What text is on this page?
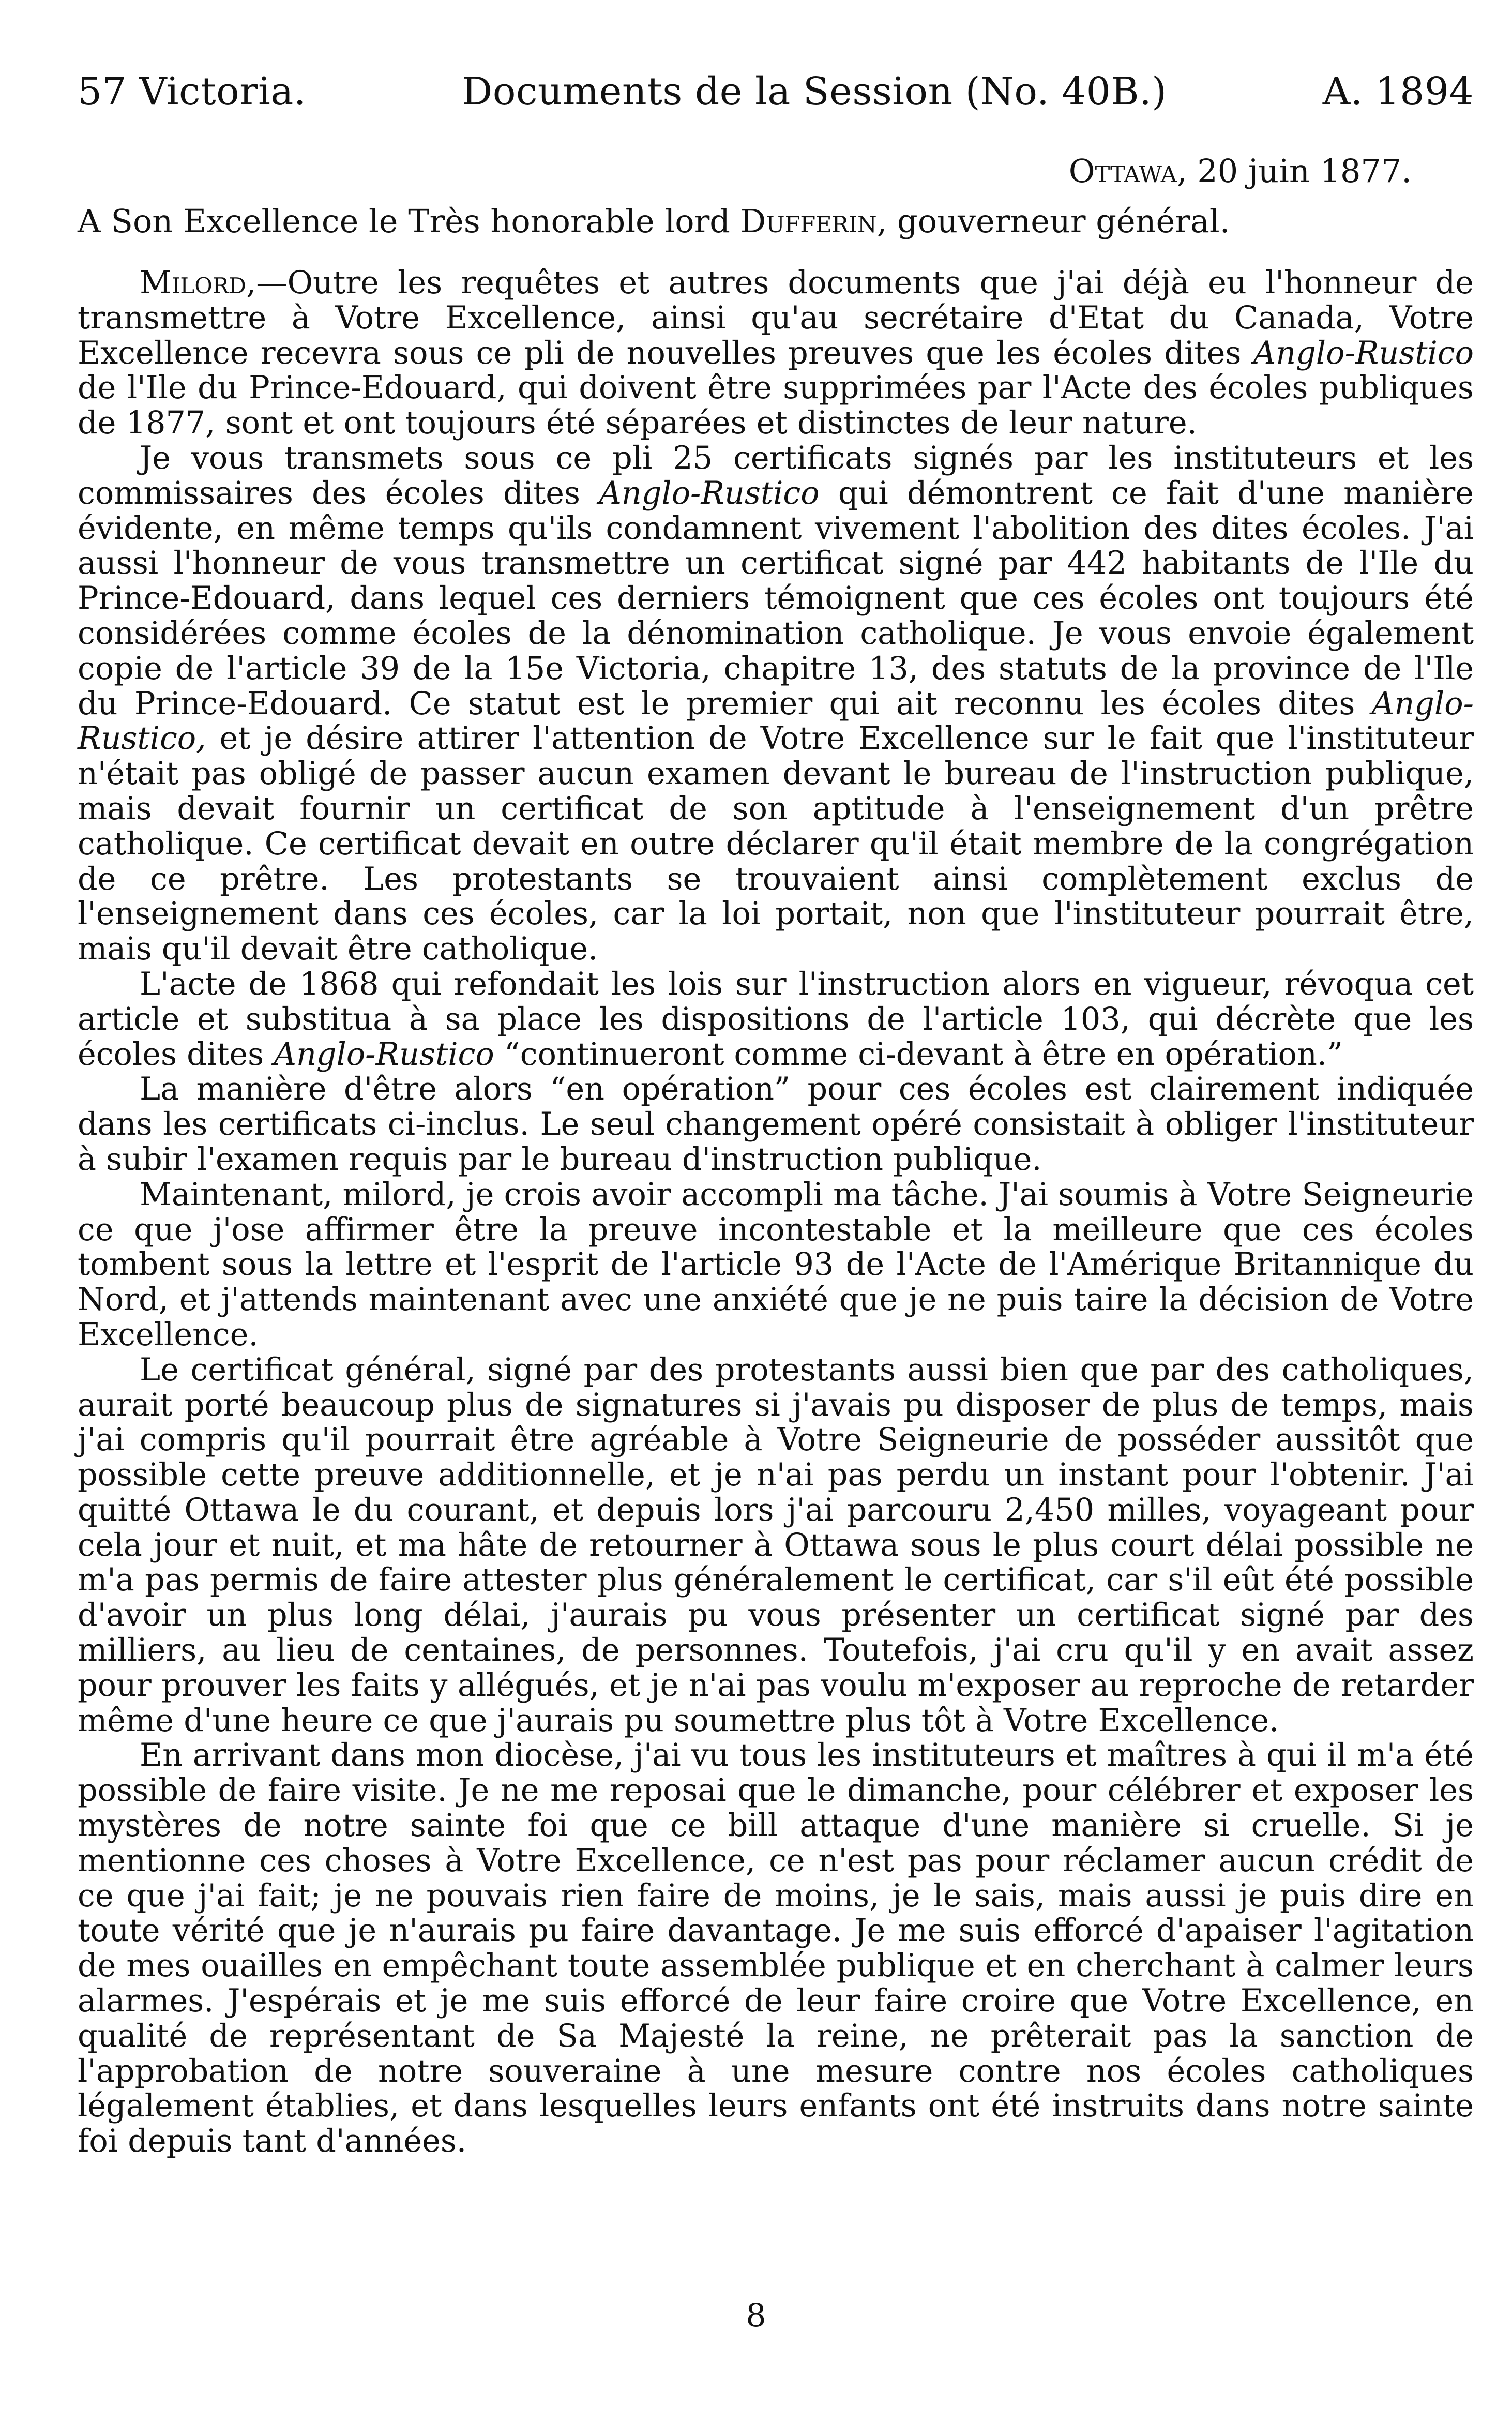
57 Victoria.	Documents de la Session (No. 40B.)	A. 1894
Ottawa, 20 juin 1877.
A Son Excellence le Très honorable lord Dufferin, gouverneur général.

Milord,—Outre les requêtes et autres documents que j'ai déjà eu l'honneur de transmettre à Votre Excellence, ainsi qu'au secrétaire d'Etat du Canada, Votre Excellence recevra sous ce pli de nouvelles preuves que les écoles dites Anglo-Rustico de l'Ile du Prince-Edouard, qui doivent être supprimées par l'Acte des écoles publiques de 1877, sont et ont toujours été séparées et distinctes de leur nature.

Je vous transmets sous ce pli 25 certificats signés par les instituteurs et les commissaires des écoles dites Anglo-Rustico qui démontrent ce fait d'une manière évidente, en même temps qu'ils condamnent vivement l'abolition des dites écoles. J'ai aussi l'honneur de vous transmettre un certificat signé par 442 habitants de l'Ile du Prince-Edouard, dans lequel ces derniers témoignent que ces écoles ont toujours été considérées comme écoles de la dénomination catholique. Je vous envoie également copie de l'article 39 de la 15e Victoria, chapitre 13, des statuts de la province de l'Ile du Prince-Edouard. Ce statut est le premier qui ait reconnu les écoles dites Anglo-Rustico, et je désire attirer l'attention de Votre Excellence sur le fait que l'instituteur n'était pas obligé de passer aucun examen devant le bureau de l'instruction publique, mais devait fournir un certificat de son aptitude à l'enseignement d'un prêtre catholique. Ce certificat devait en outre déclarer qu'il était membre de la congrégation de ce prêtre. Les protestants se trouvaient ainsi complètement exclus de l'enseignement dans ces écoles, car la loi portait, non que l'instituteur pourrait être, mais qu'il devait être catholique.

L'acte de 1868 qui refondait les lois sur l'instruction alors en vigueur, révoqua cet article et substitua à sa place les dispositions de l'article 103, qui décrète que les écoles dites Anglo-Rustico “continueront comme ci-devant à être en opération.”

La manière d'être alors “en opération” pour ces écoles est clairement indiquée dans les certificats ci-inclus. Le seul changement opéré consistait à obliger l'instituteur à subir l'examen requis par le bureau d'instruction publique.

Maintenant, milord, je crois avoir accompli ma tâche. J'ai soumis à Votre Seigneurie ce que j'ose affirmer être la preuve incontestable et la meilleure que ces écoles tombent sous la lettre et l'esprit de l'article 93 de l'Acte de l'Amérique Britannique du Nord, et j'attends maintenant avec une anxiété que je ne puis taire la décision de Votre Excellence.

Le certificat général, signé par des protestants aussi bien que par des catholiques, aurait porté beaucoup plus de signatures si j'avais pu disposer de plus de temps, mais j'ai compris qu'il pourrait être agréable à Votre Seigneurie de posséder aussitôt que possible cette preuve additionnelle, et je n'ai pas perdu un instant pour l'obtenir. J'ai quitté Ottawa le du courant, et depuis lors j'ai parcouru 2,450 milles, voyageant pour cela jour et nuit, et ma hâte de retourner à Ottawa sous le plus court délai possible ne m'a pas permis de faire attester plus généralement le certificat, car s'il eût été possible d'avoir un plus long délai, j'aurais pu vous présenter un certificat signé par des milliers, au lieu de centaines, de personnes. Toutefois, j'ai cru qu'il y en avait assez pour prouver les faits y allégués, et je n'ai pas voulu m'exposer au reproche de retarder même d'une heure ce que j'aurais pu soumettre plus tôt à Votre Excellence.

En arrivant dans mon diocèse, j'ai vu tous les instituteurs et maîtres à qui il m'a été possible de faire visite. Je ne me reposai que le dimanche, pour célébrer et exposer les mystères de notre sainte foi que ce bill attaque d'une manière si cruelle. Si je mentionne ces choses à Votre Excellence, ce n'est pas pour réclamer aucun crédit de ce que j'ai fait; je ne pouvais rien faire de moins, je le sais, mais aussi je puis dire en toute vérité que je n'aurais pu faire davantage. Je me suis efforcé d'apaiser l'agitation de mes ouailles en empêchant toute assemblée publique et en cherchant à calmer leurs alarmes. J'espérais et je me suis efforcé de leur faire croire que Votre Excellence, en qualité de représentant de Sa Majesté la reine, ne prêterait pas la sanction de l'approbation de notre souveraine à une mesure contre nos écoles catholiques légalement établies, et dans lesquelles leurs enfants ont été instruits dans notre sainte foi depuis tant d'années.

8
